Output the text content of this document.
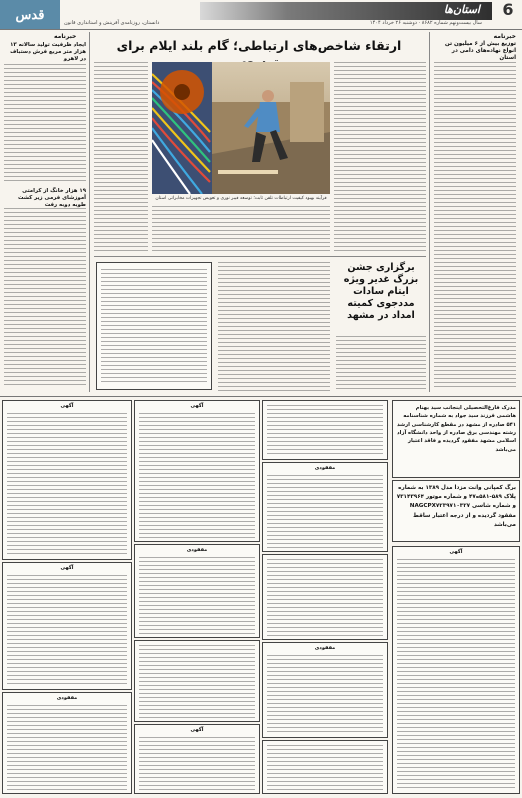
قدس	استان‌ها 6
سال بیست‌ونهم شماره ۸۶۸۲ · دوشنبه ۲۶ خرداد ۱۴۰۴
دانستان، روزنامه‌ی آفرینش و استانداری قانون
خبرنامه
توزیع بیش از ۶ میلیون تن انواع نهاده‌های دامی در استان
خبرنامه
ایجاد ظرفیت تولید سالانه ۱۳ هزار متر مربع فرش دستباف در لاهرو
۱۹ هزار خانگ از کرامتی آموزشای فرمی زیر کشت طوبه دوبه رفت
ارتقاء شاخص‌های ارتباطی؛ گام بلند ایلام برای
فرآیند بهبود کیفیت ارتباطات تلفن ثابت؛ توسعه فیبر نوری و تعویض تجهیزات مخابراتی استان
برگزاری جشن بزرگ غدیر ویژه ایتام سادات مددجوی کمیته امداد در مشهد
مدرک فارغ‌التحصیلی اینجانب سید بهنام هاشمی فرزند سید جواد به شماره شناسنامه ۵۴۱ صادره از مشهد در مقطع کارشناسی ارشد رشته مهندسی برق صادره از واحد دانشگاه آزاد اسلامی مشهد مفقود گردیده و فاقد اعتبار می‌باشد
برگ کمپانی وانت مزدا مدل ۱۳۸۹ به شماره پلاک ۵۸۹-۵۸۱ه۴۷ و شماره موتور ۷۳۱۴۳۹۶۴ و شماره شاسی NAGCPX۷۲۳۹۷۱۰۳۲۷ مفقود گردیده و از درجه اعتبار ساقط می‌باشد
آگهی
مفقودی
مفقودی
آگهی
مفقودی
آگهی
آگهی
آگهی
مفقودی
